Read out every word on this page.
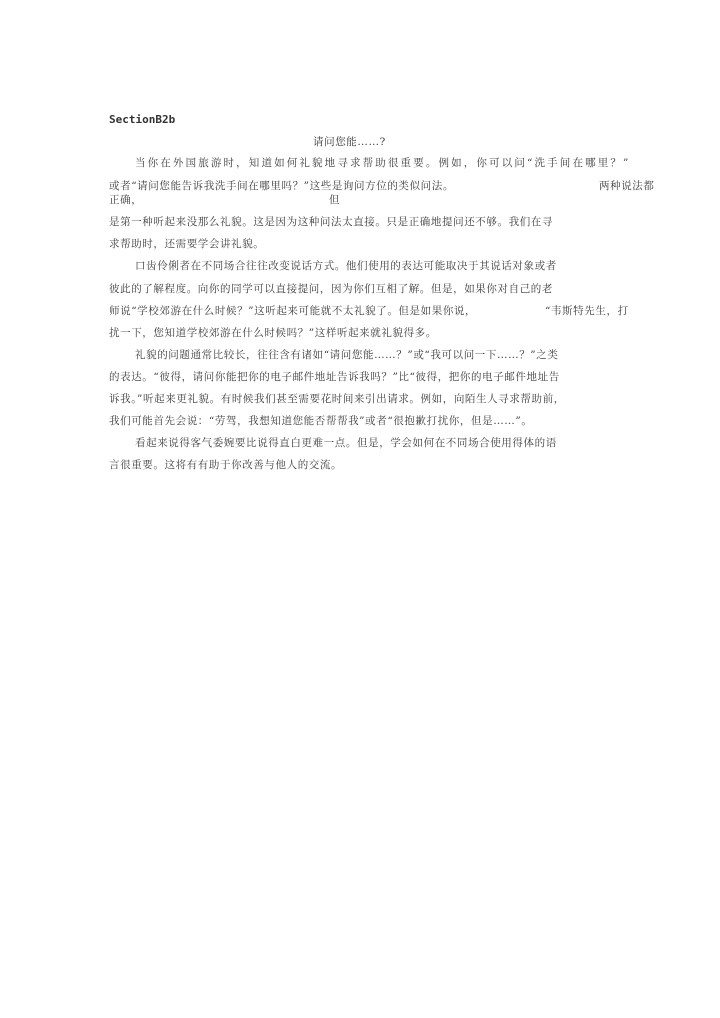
SectionB2b
请问您能……?
当你在外国旅游时，知道如何礼貌地寻求帮助很重要。例如，你可以问“洗手间在哪里？”
或者“请问您能告诉我洗手间在哪里吗？”这些是询问方位的类似问法。	两种说法都
正确，	但
是第一种听起来没那么礼貌。这是因为这种问法太直接。只是正确地提问还不够。我们在寻
求帮助时，还需要学会讲礼貌。
口齿伶俐者在不同场合往往改变说话方式。他们使用的表达可能取决于其说话对象或者
彼此的了解程度。向你的同学可以直接提问，因为你们互相了解。但是，如果你对自己的老
师说“学校郊游在什么时候？”这听起来可能就不太礼貌了。但是如果你说，	“韦斯特先生，打
扰一下，您知道学校郊游在什么时候吗？”这样听起来就礼貌得多。
礼貌的问题通常比较长，往往含有诸如“请问您能……？”或“我可以问一下……？”之类
的表达。“彼得，请问你能把你的电子邮件地址告诉我吗？”比“彼得，把你的电子邮件地址告
诉我。”听起来更礼貌。有时候我们甚至需要花时间来引出请求。例如，向陌生人寻求帮助前，
我们可能首先会说：“劳驾，我想知道您能否帮帮我”或者“很抱歉打扰你，但是……”。
看起来说得客气委婉要比说得直白更难一点。但是，学会如何在不同场合使用得体的语
言很重要。这将有有助于你改善与他人的交流。
